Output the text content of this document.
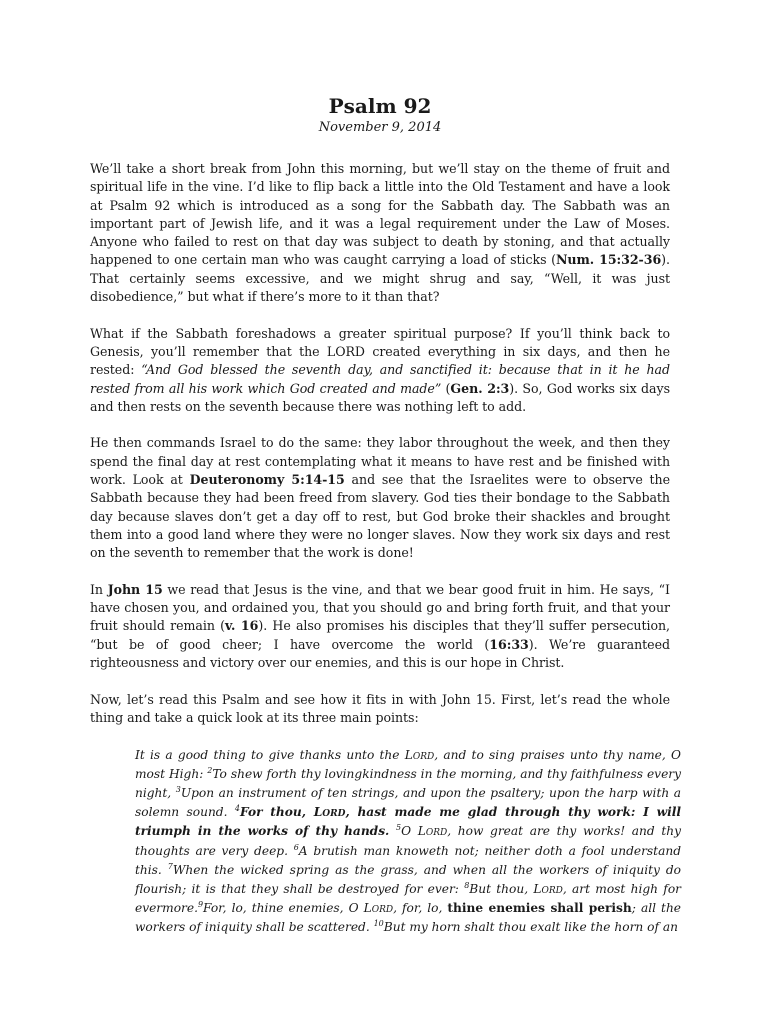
Psalm 92
November 9, 2014

We’ll take a short break from John this morning, but we’ll stay on the theme of fruit and spiritual life in the vine. I’d like to flip back a little into the Old Testament and have a look at Psalm 92 which is introduced as a song for the Sabbath day. The Sabbath was an important part of Jewish life, and it was a legal requirement under the Law of Moses. Anyone who failed to rest on that day was subject to death by stoning, and that actually happened to one certain man who was caught carrying a load of sticks (Num. 15:32-36). That certainly seems excessive, and we might shrug and say, “Well, it was just disobedience,” but what if there’s more to it than that?

What if the Sabbath foreshadows a greater spiritual purpose? If you’ll think back to Genesis, you’ll remember that the LORD created everything in six days, and then he rested: “And God blessed the seventh day, and sanctified it: because that in it he had rested from all his work which God created and made” (Gen. 2:3). So, God works six days and then rests on the seventh because there was nothing left to add.

He then commands Israel to do the same: they labor throughout the week, and then they spend the final day at rest contemplating what it means to have rest and be finished with work. Look at Deuteronomy 5:14-15 and see that the Israelites were to observe the Sabbath because they had been freed from slavery. God ties their bondage to the Sabbath day because slaves don’t get a day off to rest, but God broke their shackles and brought them into a good land where they were no longer slaves. Now they work six days and rest on the seventh to remember that the work is done!

In John 15 we read that Jesus is the vine, and that we bear good fruit in him. He says, “I have chosen you, and ordained you, that you should go and bring forth fruit, and that your fruit should remain (v. 16). He also promises his disciples that they’ll suffer persecution, “but be of good cheer; I have overcome the world (16:33). We’re guaranteed righteousness and victory over our enemies, and this is our hope in Christ.

Now, let’s read this Psalm and see how it fits in with John 15. First, let’s read the whole thing and take a quick look at its three main points:

It is a good thing to give thanks unto the Lord, and to sing praises unto thy name, O most High: $^2$To shew forth thy lovingkindness in the morning, and thy faithfulness every night, $^3$Upon an instrument of ten strings, and upon the psaltery; upon the harp with a solemn sound. $^4$For thou, Lord, hast made me glad through thy work: I will triumph in the works of thy hands. $^5$O Lord, how great are thy works! and thy thoughts are very deep. $^6$A brutish man knoweth not; neither doth a fool understand this. $^7$When the wicked spring as the grass, and when all the workers of iniquity do flourish; it is that they shall be destroyed for ever: $^8$But thou, Lord, art most high for evermore.$^9$For, lo, thine enemies, O Lord, for, lo, thine enemies shall perish; all the workers of iniquity shall be scattered. $^{10}$But my horn shalt thou exalt like the horn of an
